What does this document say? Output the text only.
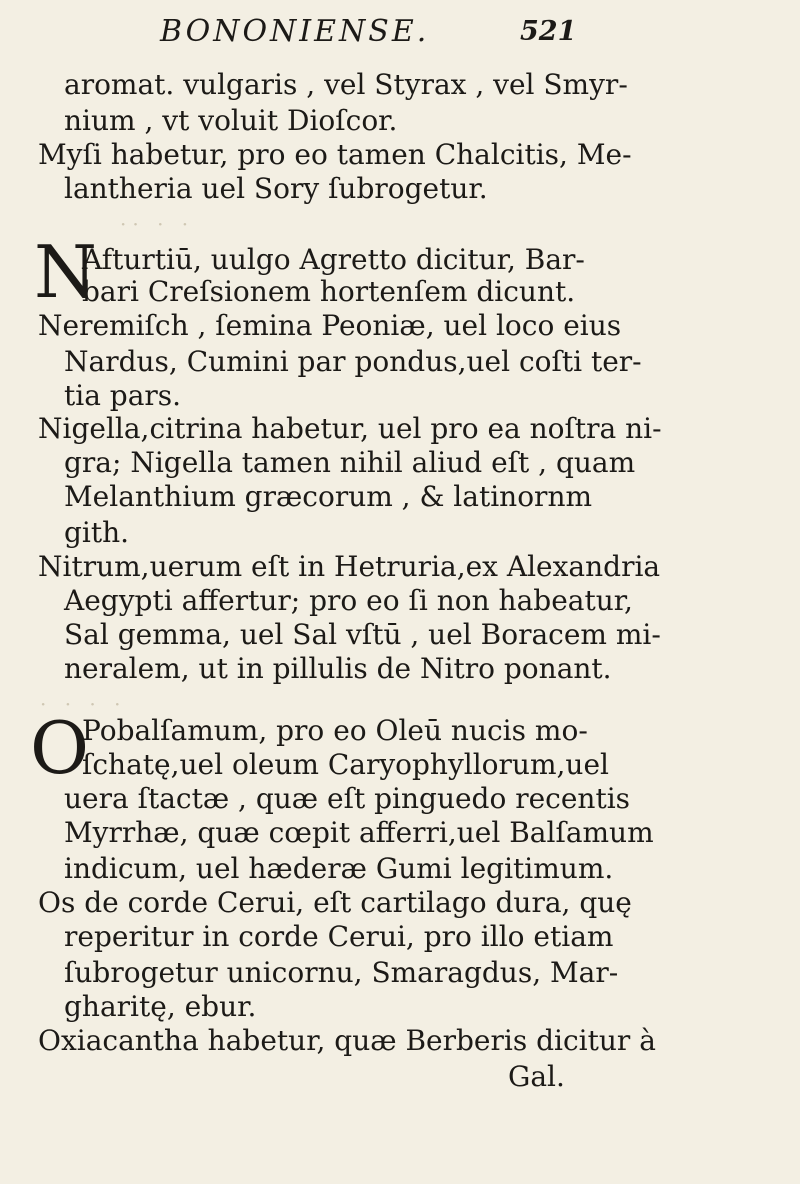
BONONIENSE.	521
aromat. vulgaris , vel Styrax , vel Smyr-
nium , vt voluit Dioſcor.
Myſi habetur, pro eo tamen Chalcitis, Me-
lantheria uel Sory ſubrogetur.
·· · ·
N
Afturtiū, uulgo Agretto dicitur, Bar-
bari Creſsionem hortenſem dicunt.
Neremiſch , ſemina Peoniæ, uel loco eius
Nardus, Cumini par pondus,uel coſti ter-
tia pars.
Nigella,citrina habetur, uel pro ea noſtra ni-
gra; Nigella tamen nihil aliud eſt , quam
Melanthium græcorum , & latinornm
gith.
Nitrum,uerum eſt in Hetruria,ex Alexandria
Aegypti affertur; pro eo ſi non habeatur,
Sal gemma, uel Sal vſtū , uel Boracem mi-
neralem, ut in pillulis de Nitro ponant.
· · · ·
O
Pobalſamum, pro eo Oleū nucis mo-
ſchatę,uel oleum Caryophyllorum,uel
uera ſtactæ , quæ eſt pinguedo recentis
Myrrhæ, quæ cœpit afferri,uel Balſamum
indicum, uel hæderæ Gumi legitimum.
Os de corde Cerui, eſt cartilago dura, quę
reperitur in corde Cerui, pro illo etiam
ſubrogetur unicornu, Smaragdus, Mar-
gharitę, ebur.
Oxiacantha habetur, quæ Berberis dicitur à
Gal.
